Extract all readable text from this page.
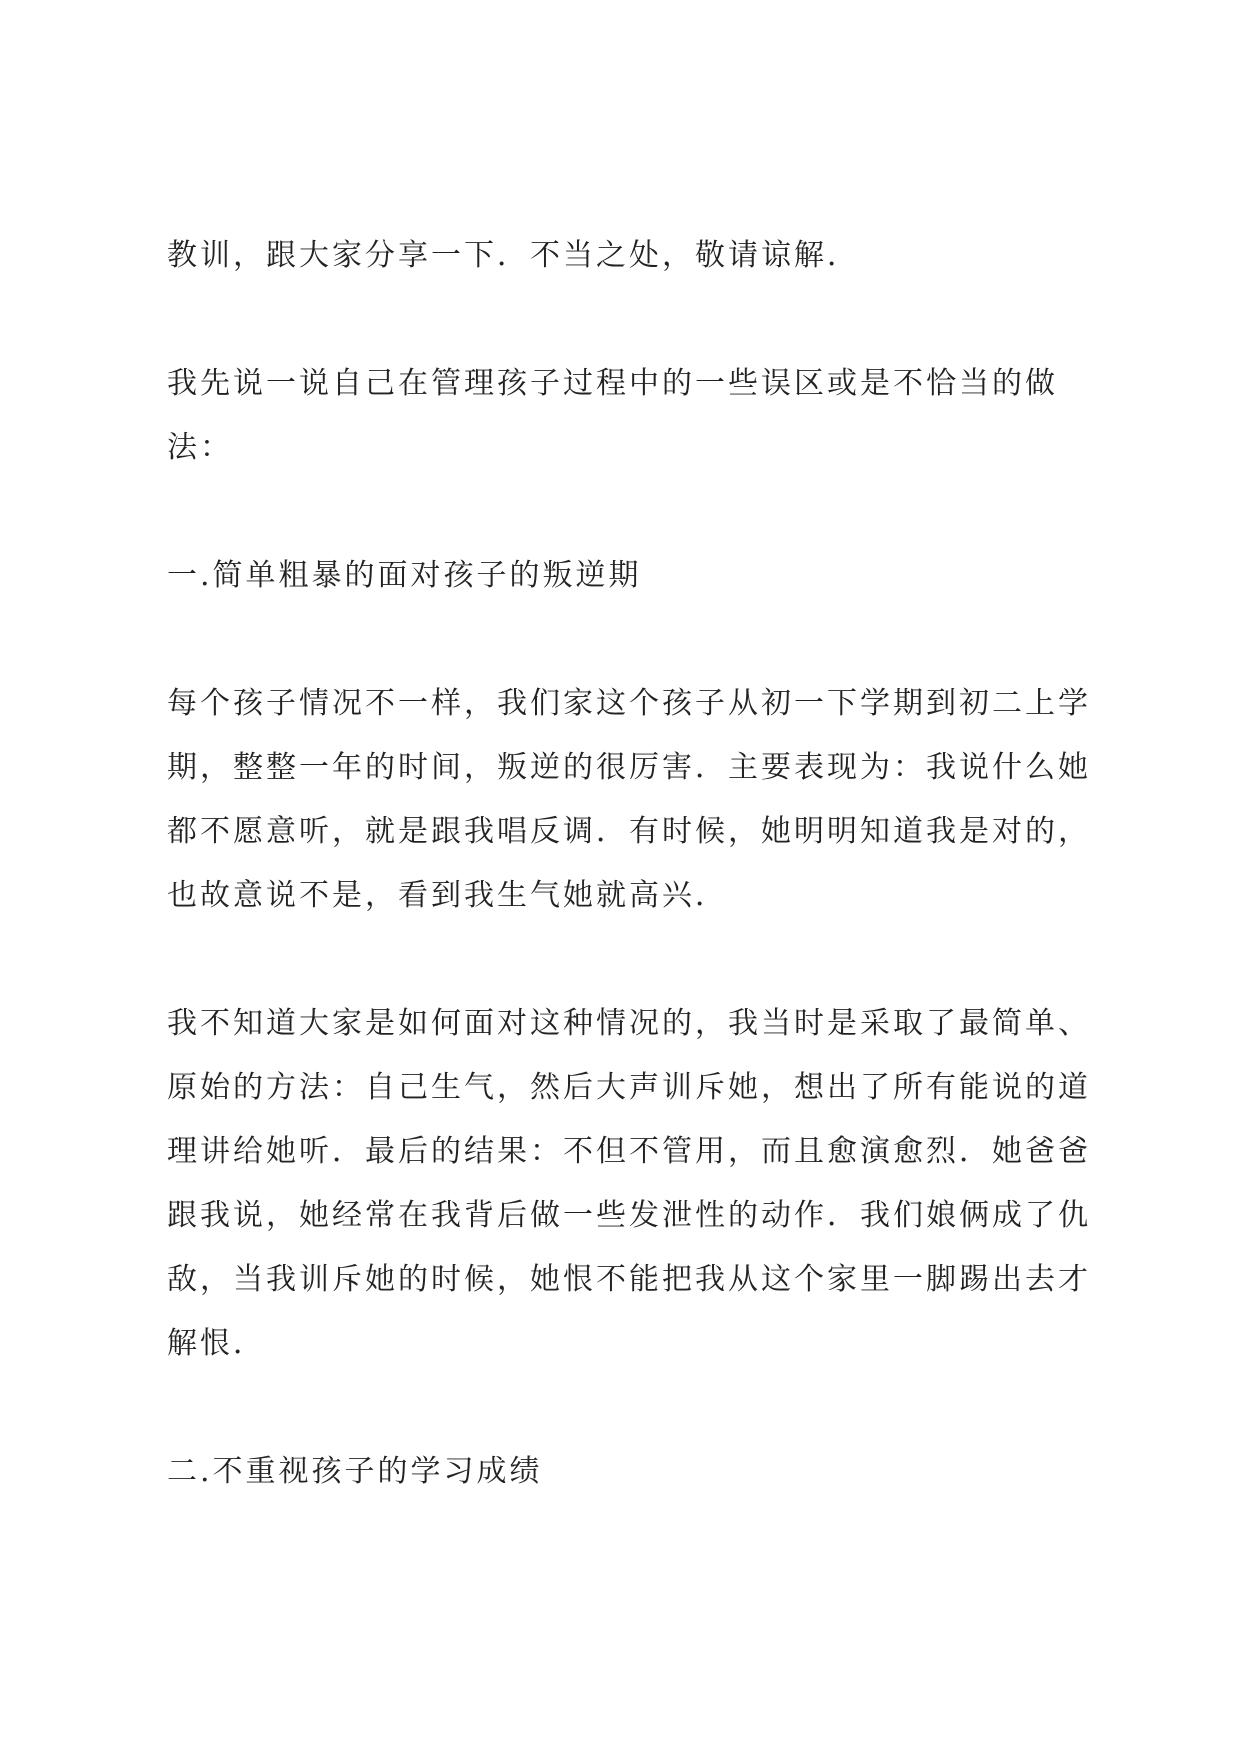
教训，跟大家分享一下．不当之处，敬请谅解．

我先说一说自己在管理孩子过程中的一些误区或是不恰当的做
法：

一.简单粗暴的面对孩子的叛逆期

每个孩子情况不一样，我们家这个孩子从初一下学期到初二上学
期，整整一年的时间，叛逆的很厉害．主要表现为：我说什么她
都不愿意听，就是跟我唱反调．有时候，她明明知道我是对的，
也故意说不是，看到我生气她就高兴．

我不知道大家是如何面对这种情况的，我当时是采取了最简单、
原始的方法：自己生气，然后大声训斥她，想出了所有能说的道
理讲给她听．最后的结果：不但不管用，而且愈演愈烈．她爸爸
跟我说，她经常在我背后做一些发泄性的动作．我们娘俩成了仇
敌，当我训斥她的时候，她恨不能把我从这个家里一脚踢出去才
解恨．

二.不重视孩子的学习成绩
